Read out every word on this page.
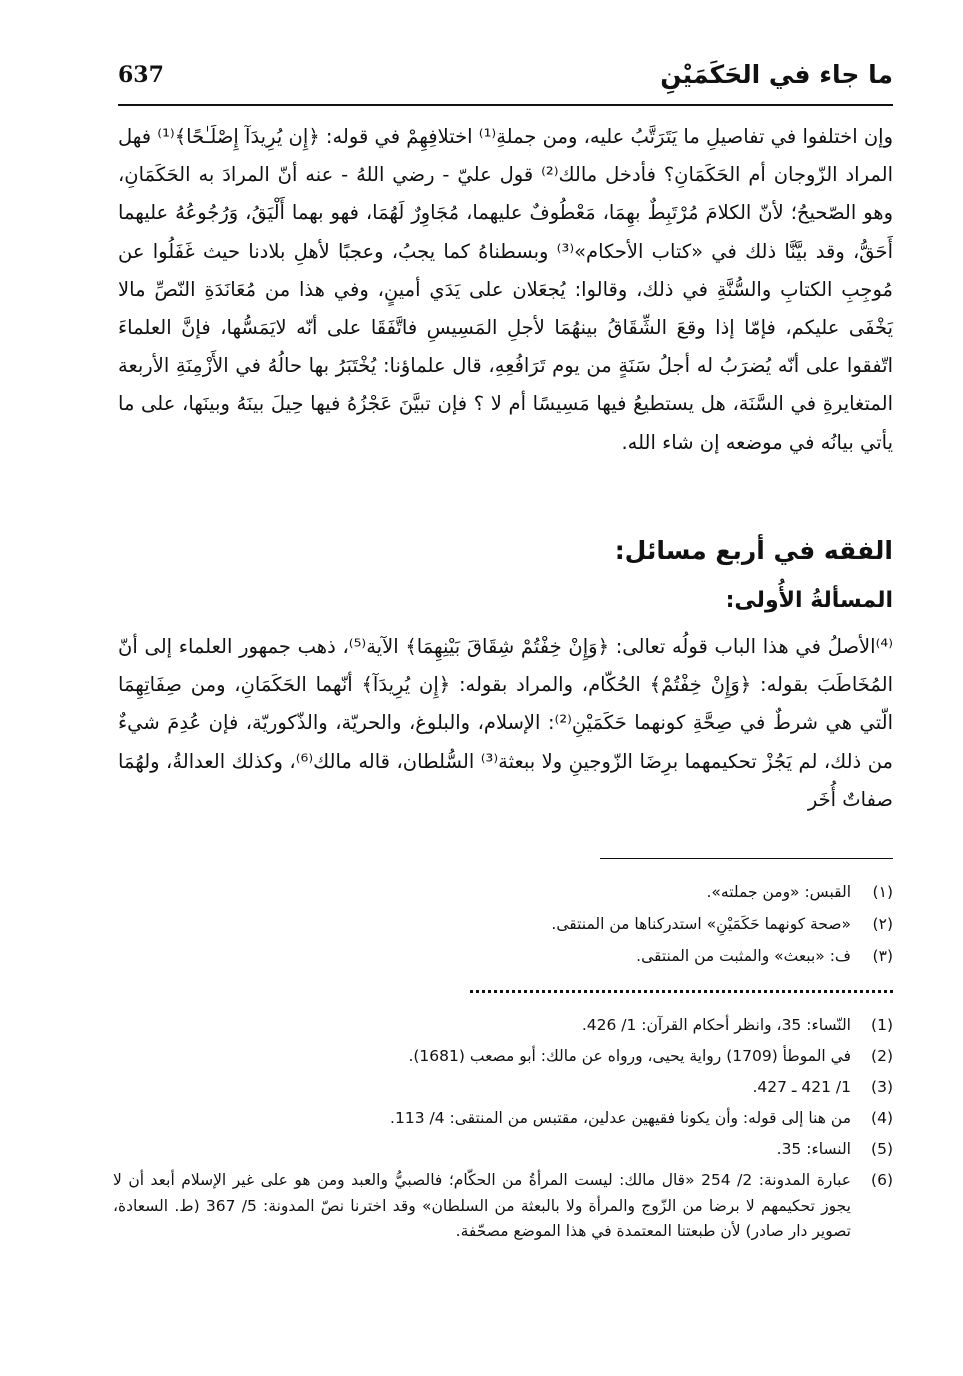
637	ما جاء في الحَكَمَيْنِ

وإن اختلفوا في تفاصيلِ ما يَتَرَتَّبُ عليه، ومن جملةِ⁽¹⁾ اختلافِهِمْ في قوله: ﴿إِن يُرِيدَآ إِصْلَـٰحًا﴾⁽¹⁾ فهل المراد الزّوجان أم الحَكَمَانِ؟ فأدخل مالك⁽²⁾ قول عليّ - رضي اللهُ - عنه أنّ المرادَ به الحَكَمَانِ، وهو الصّحيحُ؛ لأنّ الكلامَ مُرْتَبِطٌ بهِمَا، مَعْطُوفٌ عليهما، مُجَاوِرٌ لَهُمَا، فهو بهما أَلْيَقُ، وَرُجُوعُهُ عليهما أَحَقُّ، وقد بيَّنَّا ذلك في «كتاب الأحكام»⁽³⁾ وبسطناهُ كما يجبُ، وعجبًا لأهلِ بلادنا حيث غَفَلُوا عن مُوجِبِ الكتابِ والسُّنَّةِ في ذلك، وقالوا: يُجعَلان على يَدَي أمينٍ، وفي هذا من مُعَانَدَةِ النّصِّ مالا يَخْفَى عليكم، فإمّا إذا وقعَ الشِّقَاقُ بينهُمَا لأجلِ المَسِيسِ فاتَّفَقَا على أنّه لايَمَسُّها، فإنَّ العلماءَ اتّفقوا على أنّه يُضرَبُ له أجلُ سَنَةٍ من يوم تَرَافُعِهِ، قال علماؤنا: يُخْتَبَرُ بها حالُهُ في الأَزْمِنَةِ الأربعة المتغايرةِ في السَّنَة، هل يستطيعُ فيها مَسِيسًا أم لا ؟ فإن تبيَّنَ عَجْزُهُ فيها حِيلَ بينَهُ وبينَها، على ما يأتي بيانُه في موضعه إن شاء الله.

الفقه في أربع مسائل:
المسألةُ الأُولى:

⁽⁴⁾الأصلُ في هذا الباب قولُه تعالى: ﴿وَإِنْ خِفْتُمْ شِقَاقَ بَيْنِهِمَا﴾ الآية⁽⁵⁾، ذهب جمهور العلماء إلى أنّ المُخَاطَبَ بقوله: ﴿وَإِنْ خِفْتُمْ﴾ الحُكّام، والمراد بقوله: ﴿إِن يُرِيدَآ﴾ أنّهما الحَكَمَانِ، ومن صِفَاتِهِمَا الّتي هي شرطٌ في صِحَّةِ كونهما حَكَمَيْنِ⁽²⁾: الإسلام، والبلوغ، والحريّة، والذّكوريّة، فإن عُدِمَ شيءٌ من ذلك، لم يَجُزْ تحكيمهما برِضَا الزّوجينِ ولا ببعثة⁽³⁾ السُّلطان، قاله مالك⁽⁶⁾، وكذلك العدالةُ، ولهُمَا صفاتٌ أُخَر

(١)
القبس: «ومن جملته».
(٢)
«صحة كونهما حَكَمَيْنِ» استدركناها من المنتقى.
(٣)
ف: «ببعث» والمثبت من المنتقى.
(1)
النّساء: 35، وانظر أحكام القرآن: 1/ 426.
(2)
في الموطأ (1709) رواية يحيى، ورواه عن مالك: أبو مصعب (1681).
(3)
1/ 421 ـ 427.
(4)
من هنا إلى قوله: وأن يكونا فقيهين عدلين، مقتبس من المنتقى: 4/ 113.
(5)
النساء: 35.
(6)
عبارة المدونة: 2/ 254 «قال مالك: ليست المرأةُ من الحكّام؛ فالصبيُّ والعبد ومن هو على غير الإسلام أبعد أن لا يجوز تحكيمهم لا برضا من الزّوج والمرأة ولا بالبعثة من السلطان» وقد اخترنا نصّ المدونة: 5/ 367 (ط. السعادة، تصوير دار صادر) لأن طبعتنا المعتمدة في هذا الموضع مصحّفة.
